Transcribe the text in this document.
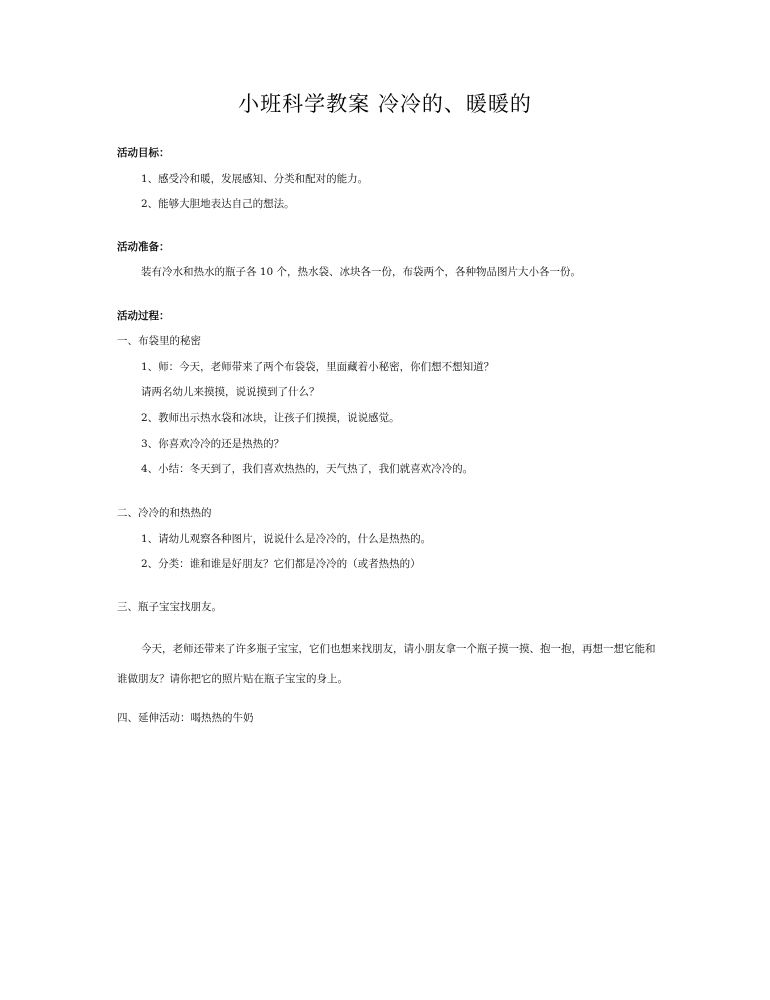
小班科学教案 冷冷的、暖暖的
活动目标：
1、感受冷和暖，发展感知、分类和配对的能力。
2、能够大胆地表达自己的想法。
活动准备：
装有冷水和热水的瓶子各 10 个，热水袋、冰块各一份，布袋两个，各种物品图片大小各一份。
活动过程：
一、布袋里的秘密
1、师：今天，老师带来了两个布袋袋，里面藏着小秘密，你们想不想知道？
请两名幼儿来摸摸，说说摸到了什么？
2、教师出示热水袋和冰块，让孩子们摸摸，说说感觉。
3、你喜欢冷冷的还是热热的？
4、小结：冬天到了，我们喜欢热热的，天气热了，我们就喜欢冷冷的。
二、冷冷的和热热的
1、请幼儿观察各种图片，说说什么是冷冷的，什么是热热的。
2、分类：谁和谁是好朋友？它们都是冷冷的（或者热热的）
三、瓶子宝宝找朋友。
今天，老师还带来了许多瓶子宝宝，它们也想来找朋友，请小朋友拿一个瓶子摸一摸、抱一抱，再想一想它能和谁做朋友？请你把它的照片贴在瓶子宝宝的身上。
四、延伸活动：喝热热的牛奶
